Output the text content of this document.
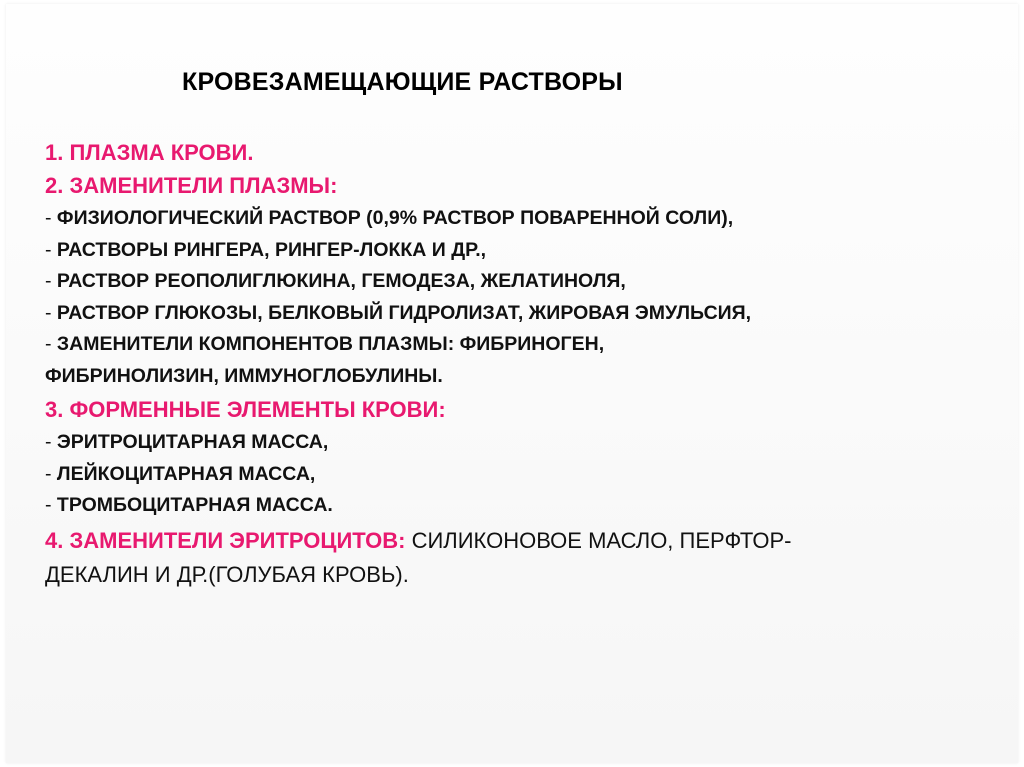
КРОВЕЗАМЕЩАЮЩИЕ РАСТВОРЫ
1. ПЛАЗМА КРОВИ.
2. ЗАМЕНИТЕЛИ ПЛАЗМЫ:
- ФИЗИОЛОГИЧЕСКИЙ РАСТВОР (0,9% РАСТВОР ПОВАРЕННОЙ СОЛИ),
- РАСТВОРЫ РИНГЕРА, РИНГЕР-ЛОККА И ДР.,
- РАСТВОР РЕОПОЛИГЛЮКИНА, ГЕМОДЕЗА, ЖЕЛАТИНОЛЯ,
- РАСТВОР ГЛЮКОЗЫ, БЕЛКОВЫЙ ГИДРОЛИЗАТ, ЖИРОВАЯ ЭМУЛЬСИЯ,
- ЗАМЕНИТЕЛИ КОМПОНЕНТОВ ПЛАЗМЫ: ФИБРИНОГЕН,
ФИБРИНОЛИЗИН, ИММУНОГЛОБУЛИНЫ.
3. ФОРМЕННЫЕ ЭЛЕМЕНТЫ КРОВИ:
- ЭРИТРОЦИТАРНАЯ МАССА,
- ЛЕЙКОЦИТАРНАЯ МАССА,
- ТРОМБОЦИТАРНАЯ МАССА.
4. ЗАМЕНИТЕЛИ ЭРИТРОЦИТОВ: СИЛИКОНОВОЕ МАСЛО, ПЕРФТОР-
ДЕКАЛИН И ДР.(ГОЛУБАЯ КРОВЬ).
